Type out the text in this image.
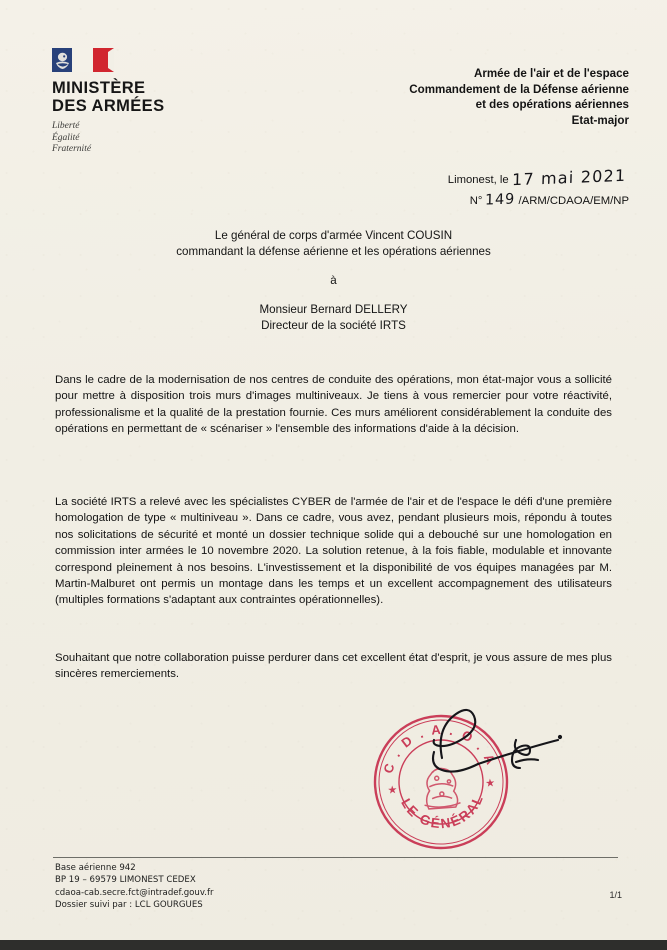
MINISTÈRE
DES ARMÉES
Liberté
Égalité
Fraternité
Armée de l'air et de l'espace
Commandement de la Défense aérienne
et des opérations aériennes
Etat-major
Limonest, le 17 mai 2021
N° 149 /ARM/CDAOA/EM/NP
Le général de corps d'armée Vincent COUSIN
commandant la défense aérienne et les opérations aériennes
à
Monsieur Bernard DELLERY
Directeur de la société IRTS
Dans le cadre de la modernisation de nos centres de conduite des opérations, mon état-major vous a sollicité pour mettre à disposition trois murs d'images multiniveaux. Je tiens à vous remercier pour votre réactivité, professionalisme et la qualité de la prestation fournie. Ces murs améliorent considérablement la conduite des opérations en permettant de « scénariser » l'ensemble des informations d'aide à la décision.
La société IRTS a relevé avec les spécialistes CYBER de l'armée de l'air et de l'espace le défi d'une première homologation de type « multiniveau ». Dans ce cadre, vous avez, pendant plusieurs mois, répondu à toutes nos solicitations de sécurité et monté un dossier technique solide qui a debouché sur une homologation en commission inter armées le 10 novembre 2020. La solution retenue, à la fois fiable, modulable et innovante correspond pleinement à nos besoins. L'investissement et la disponibilité de vos équipes managées par M. Martin-Malburet ont permis un montage dans les temps et un excellent accompagnement des utilisateurs (multiples formations s'adaptant aux contraintes opérationnelles).
Souhaitant que notre collaboration puisse perdurer dans cet excellent état d'esprit, je vous assure de mes plus sincères remerciements.
C . D . A . O . A
LE GÉNÉRAL
★
★
Base aérienne 942
BP 19 – 69579 LIMONEST CEDEX
cdaoa-cab.secre.fct@intradef.gouv.fr
Dossier suivi par : LCL GOURGUES
1/1
